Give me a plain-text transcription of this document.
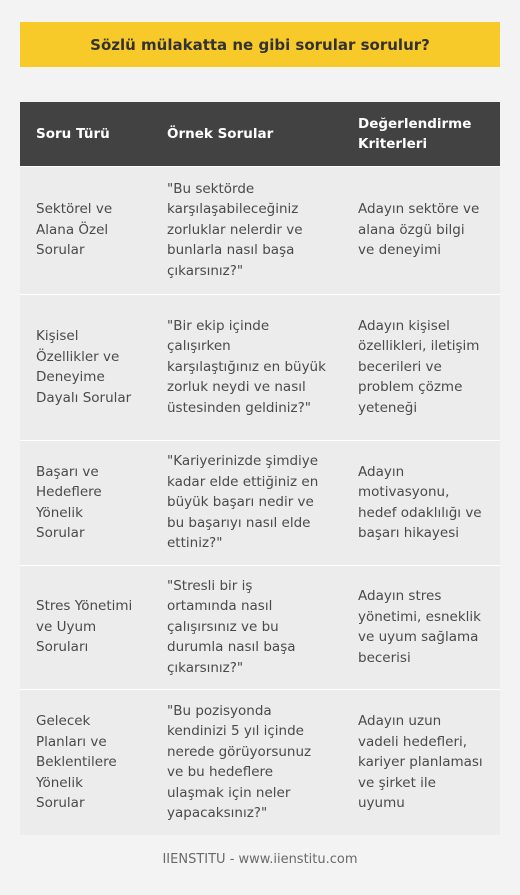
Sözlü mülakatta ne gibi sorular sorulur?
Soru Türü	Örnek Sorular	Değerlendirme Kriterleri
Sektörel ve Alana Özel Sorular	"Bu sektörde karşılaşabileceğiniz zorluklar nelerdir ve bunlarla nasıl başa çıkarsınız?"	Adayın sektöre ve alana özgü bilgi ve deneyimi
Kişisel Özellikler ve Deneyime Dayalı Sorular	"Bir ekip içinde çalışırken karşılaştığınız en büyük zorluk neydi ve nasıl üstesinden geldiniz?"	Adayın kişisel özellikleri, iletişim becerileri ve problem çözme yeteneği
Başarı ve Hedeflere Yönelik Sorular	"Kariyerinizde şimdiye kadar elde ettiğiniz en büyük başarı nedir ve bu başarıyı nasıl elde ettiniz?"	Adayın motivasyonu, hedef odaklılığı ve başarı hikayesi
Stres Yönetimi ve Uyum Soruları	"Stresli bir iş ortamında nasıl çalışırsınız ve bu durumla nasıl başa çıkarsınız?"	Adayın stres yönetimi, esneklik ve uyum sağlama becerisi
Gelecek Planları ve Beklentilere Yönelik Sorular	"Bu pozisyonda kendinizi 5 yıl içinde nerede görüyorsunuz ve bu hedeflere ulaşmak için neler yapacaksınız?"	Adayın uzun vadeli hedefleri, kariyer planlaması ve şirket ile uyumu
IIENSTITU - www.iienstitu.com
